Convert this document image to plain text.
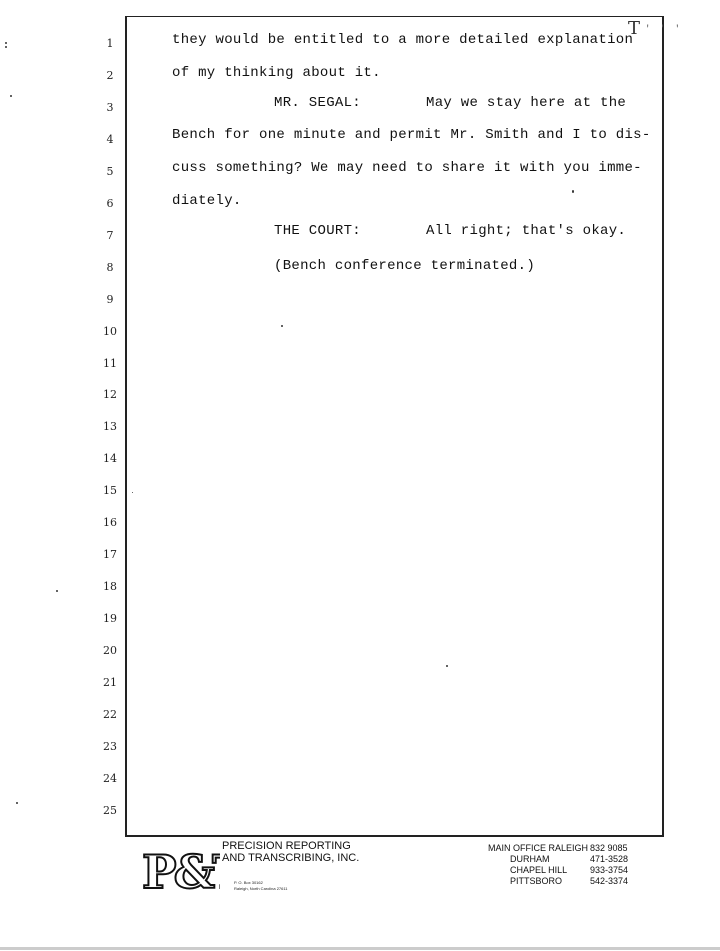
T ' ' '
1
2
3
4
5
6
7
8
9
10
11
12
13
14
15
16
17
18
19
20
21
22
23
24
25
they would be entitled to a more detailed explanation
of my thinking about it.
MR. SEGAL:	May we stay here at the
Bench for one minute and permit Mr. Smith and I to dis-
cuss something? We may need to share it with you imme-
diately.
THE COURT:	All right; that's okay.
(Bench conference terminated.)
P& PRECISION REPORTING
AND TRANSCRIBING, INC.
P. O. Box 30162
Raleigh, North Carolina 27611
MAIN OFFICE RALEIGH 832 9085
DURHAM	471-3528
CHAPEL HILL	933-3754
PITTSBORO	542-3374
